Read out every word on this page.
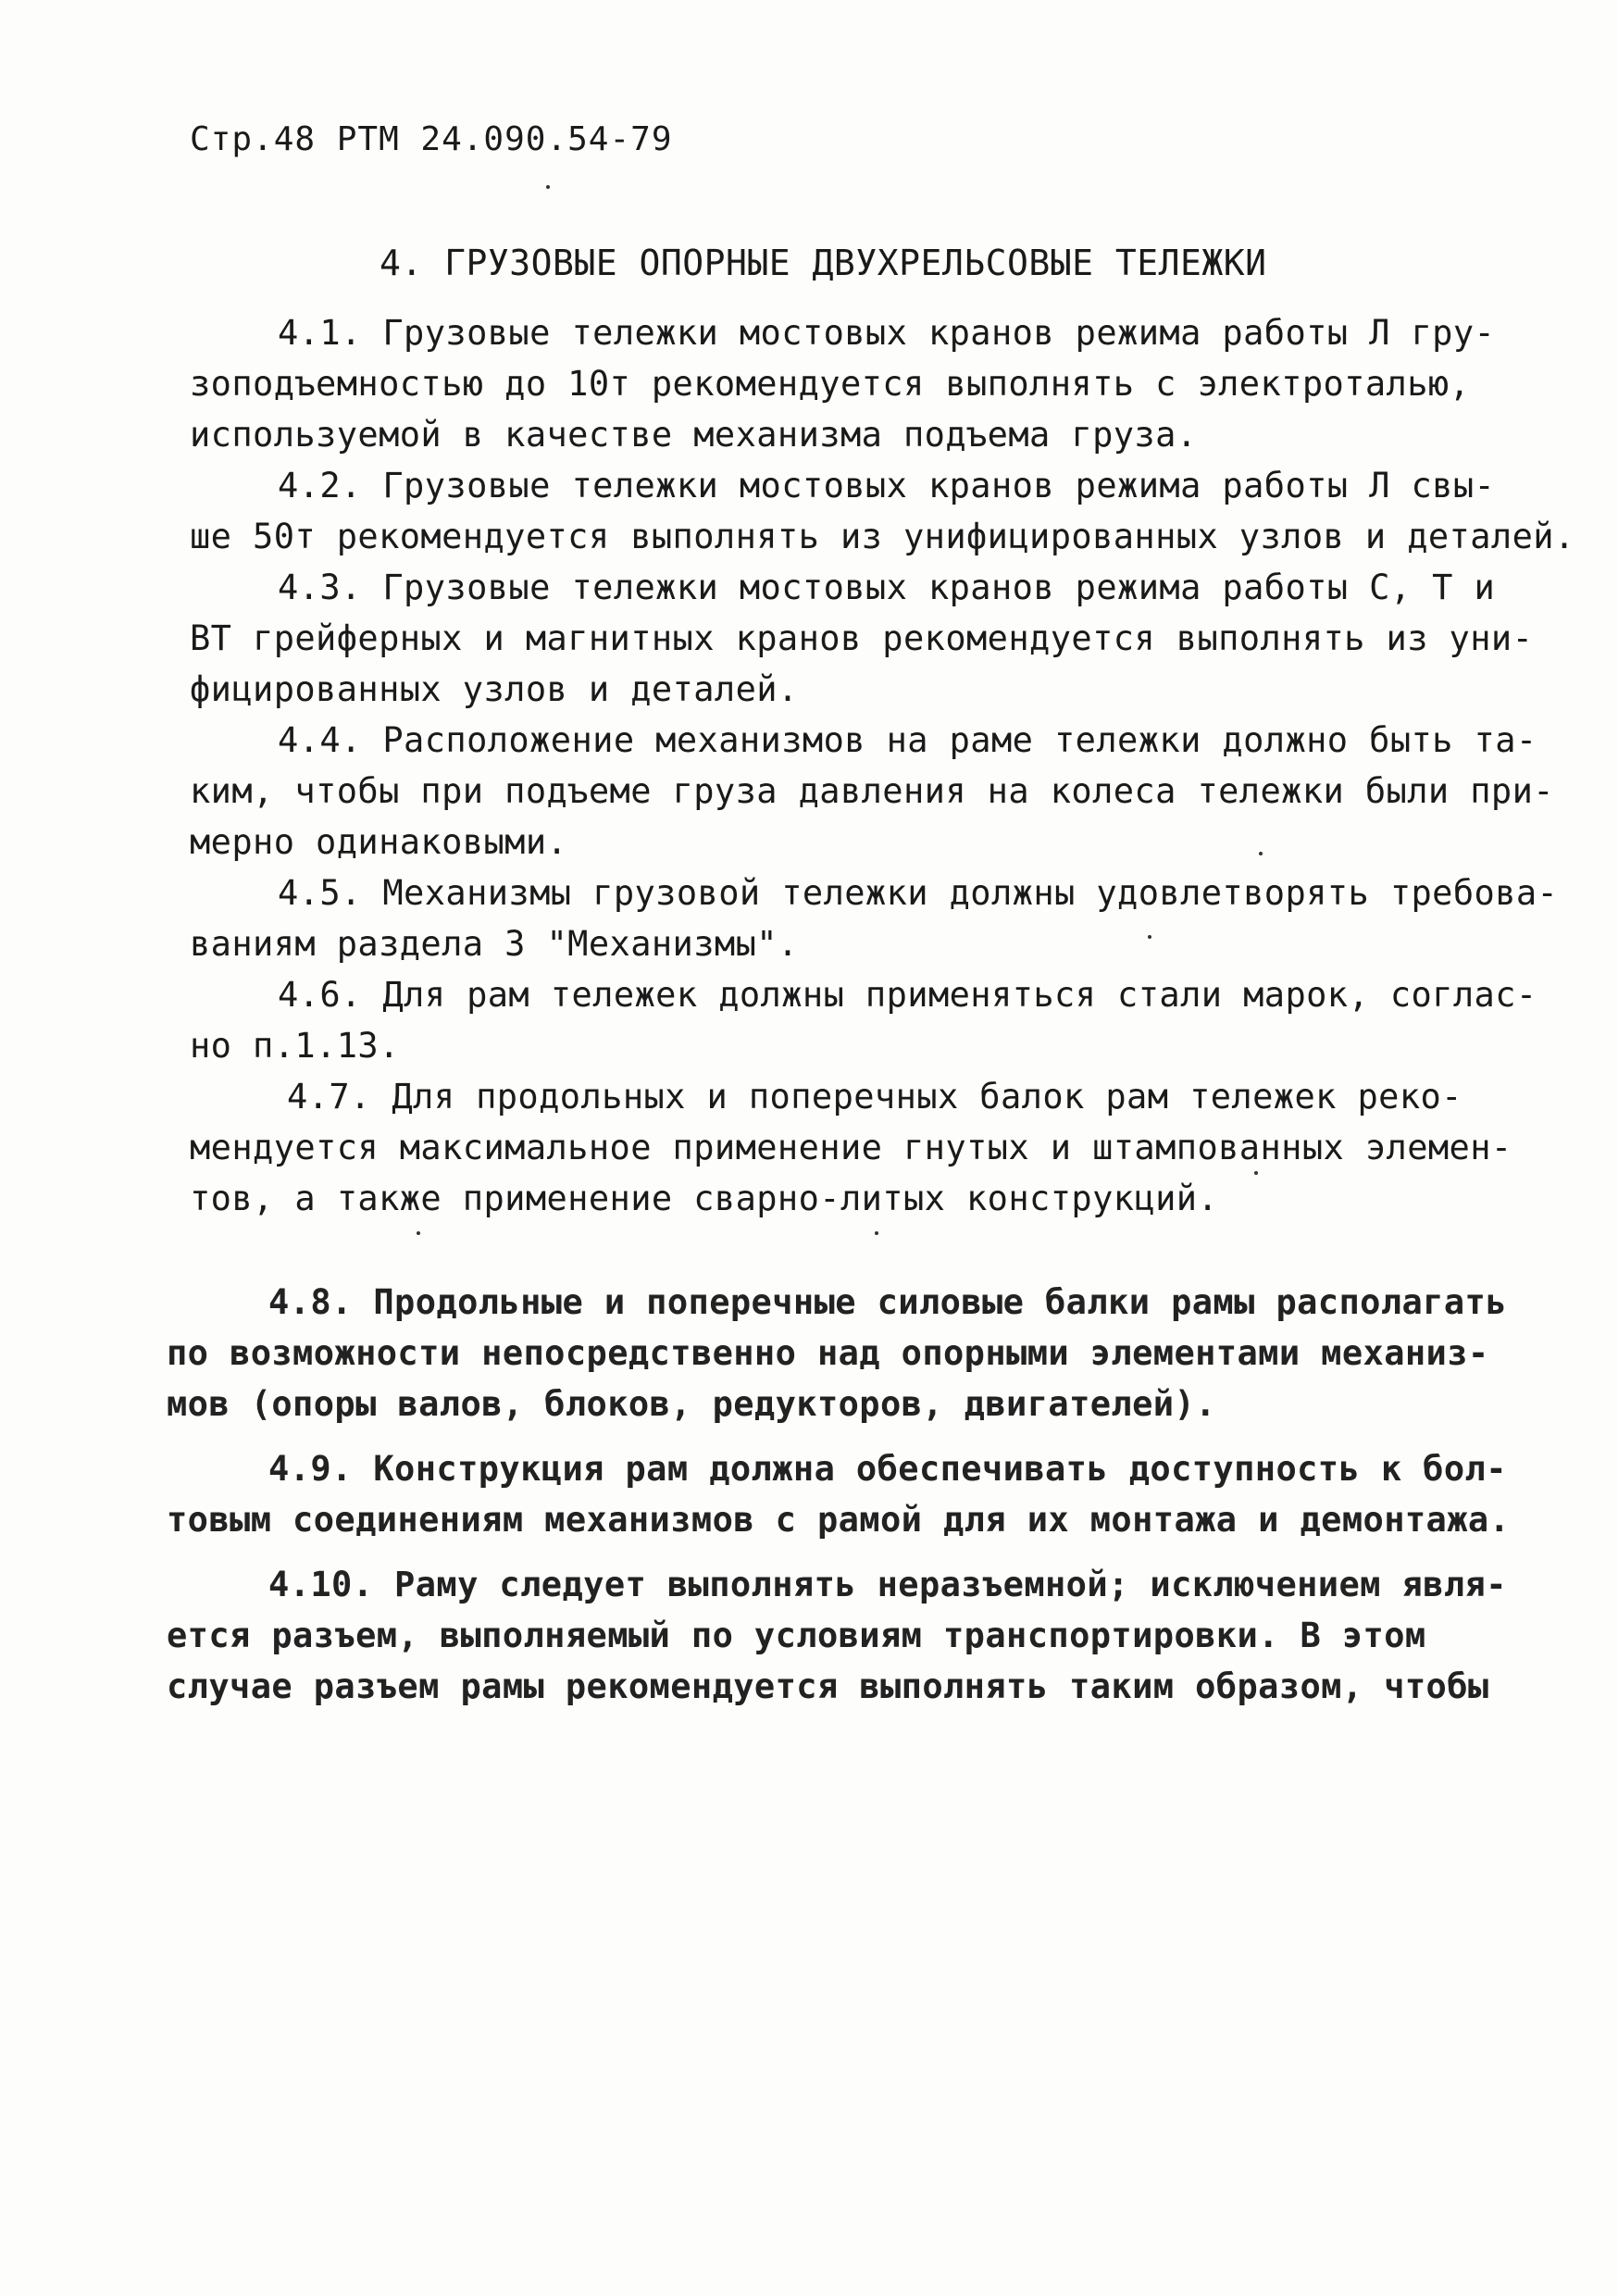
Стр.48 РТМ 24.090.54-79
4. ГРУЗОВЫЕ ОПОРНЫЕ ДВУХРЕЛЬСОВЫЕ ТЕЛЕЖКИ
4.1. Грузовые тележки мостовых кранов режима работы Л гру-
зоподъемностью до 10т рекомендуется выполнять с электроталью,
используемой в качестве механизма подъема груза.
4.2. Грузовые тележки мостовых кранов режима работы Л свы-
ше 50т рекомендуется выполнять из унифицированных узлов и деталей.
4.3. Грузовые тележки мостовых кранов режима работы С, Т и
ВТ грейферных и магнитных кранов рекомендуется выполнять из уни-
фицированных узлов и деталей.
4.4. Расположение механизмов на раме тележки должно быть та-
ким, чтобы при подъеме груза давления на колеса тележки были при-
мерно одинаковыми.
4.5. Механизмы грузовой тележки должны удовлетворять требова-
ваниям раздела 3 "Механизмы".
4.6. Для рам тележек должны применяться стали марок, соглас-
но п.1.13.
4.7. Для продольных и поперечных балок рам тележек реко-
мендуется максимальное применение гнутых и штампованных элемен-
тов, а также применение сварно-литых конструкций.
4.8. Продольные и поперечные силовые балки рамы располагать
по возможности непосредственно над опорными элементами механиз-
мов (опоры валов, блоков, редукторов, двигателей).
4.9. Конструкция рам должна обеспечивать доступность к бол-
товым соединениям механизмов с рамой для их монтажа и демонтажа.
4.10. Раму следует выполнять неразъемной; исключением явля-
ется разъем, выполняемый по условиям транспортировки. В этом
случае разъем рамы рекомендуется выполнять таким образом, чтобы
